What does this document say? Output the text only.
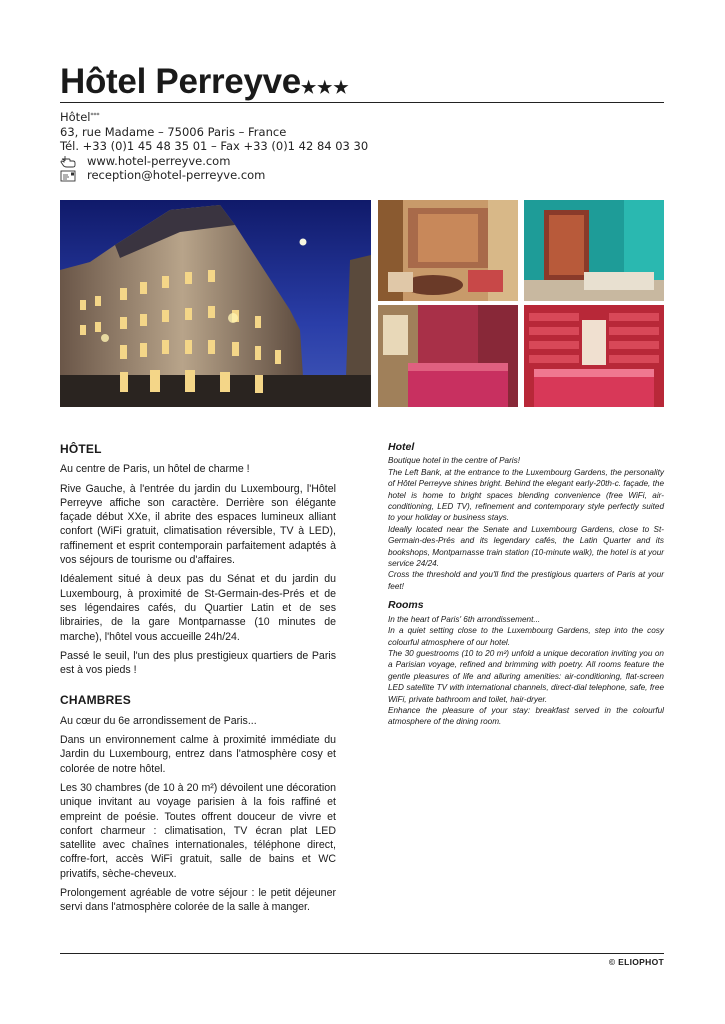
Hôtel Perreyve★★★
Hôtel ***
63, rue Madame – 75006 Paris – France
Tél. +33 (0)1 45 48 35 01 – Fax +33 (0)1 42 84 03 30
www.hotel-perreyve.com
reception@hotel-perreyve.com
HÔTEL

Au centre de Paris, un hôtel de charme !

Rive Gauche, à l'entrée du jardin du Luxembourg, l'Hôtel Perreyve affiche son caractère. Derrière son élégante façade début XXe, il abrite des espaces lumineux alliant confort (WiFi gratuit, climatisation réversible, TV à LED), raffinement et esprit contemporain parfaitement adaptés à vos séjours de tourisme ou d'affaires.

Idéalement situé à deux pas du Sénat et du jardin du Luxembourg, à proximité de St-Germain-des-Prés et de ses légendaires cafés, du Quartier Latin et de ses librairies, de la gare Montparnasse (10 minutes de marche), l'hôtel vous accueille 24h/24.

Passé le seuil, l'un des plus prestigieux quartiers de Paris est à vos pieds !

CHAMBRES

Au cœur du 6e arrondissement de Paris...

Dans un environnement calme à proximité immédiate du Jardin du Luxembourg, entrez dans l'atmosphère cosy et colorée de notre hôtel.

Les 30 chambres (de 10 à 20 m²) dévoilent une décoration unique invitant au voyage parisien à la fois raffiné et empreint de poésie. Toutes offrent douceur de vivre et confort charmeur : climatisation, TV écran plat LED satellite avec chaînes internationales, téléphone direct, coffre-fort, accès WiFi gratuit, salle de bains et WC privatifs, sèche-cheveux.

Prolongement agréable de votre séjour : le petit déjeuner servi dans l'atmosphère colorée de la salle à manger.

Hotel

Boutique hotel in the centre of Paris!

The Left Bank, at the entrance to the Luxembourg Gardens, the personality of Hôtel Perreyve shines bright. Behind the elegant early-20th-c. façade, the hotel is home to bright spaces blending convenience (free WiFi, air-conditioning, LED TV), refinement and contemporary style perfectly suited to your holiday or business stays.

Ideally located near the Senate and Luxembourg Gardens, close to St-Germain-des-Prés and its legendary cafés, the Latin Quarter and its bookshops, Montparnasse train station (10-minute walk), the hotel is at your service 24/24.

Cross the threshold and you'll find the prestigious quarters of Paris at your feet!

Rooms

In the heart of Paris' 6th arrondissement...

In a quiet setting close to the Luxembourg Gardens, step into the cosy colourful atmosphere of our hotel.

The 30 guestrooms (10 to 20 m²) unfold a unique decoration inviting you on a Parisian voyage, refined and brimming with poetry. All rooms feature the gentle pleasures of life and alluring amenities: air-conditioning, flat-screen LED satellite TV with international channels, direct-dial telephone, safe, free WiFi, private bathroom and toilet, hair-dryer.

Enhance the pleasure of your stay: breakfast served in the colourful atmosphere of the dining room.

© ELIOPHOT
